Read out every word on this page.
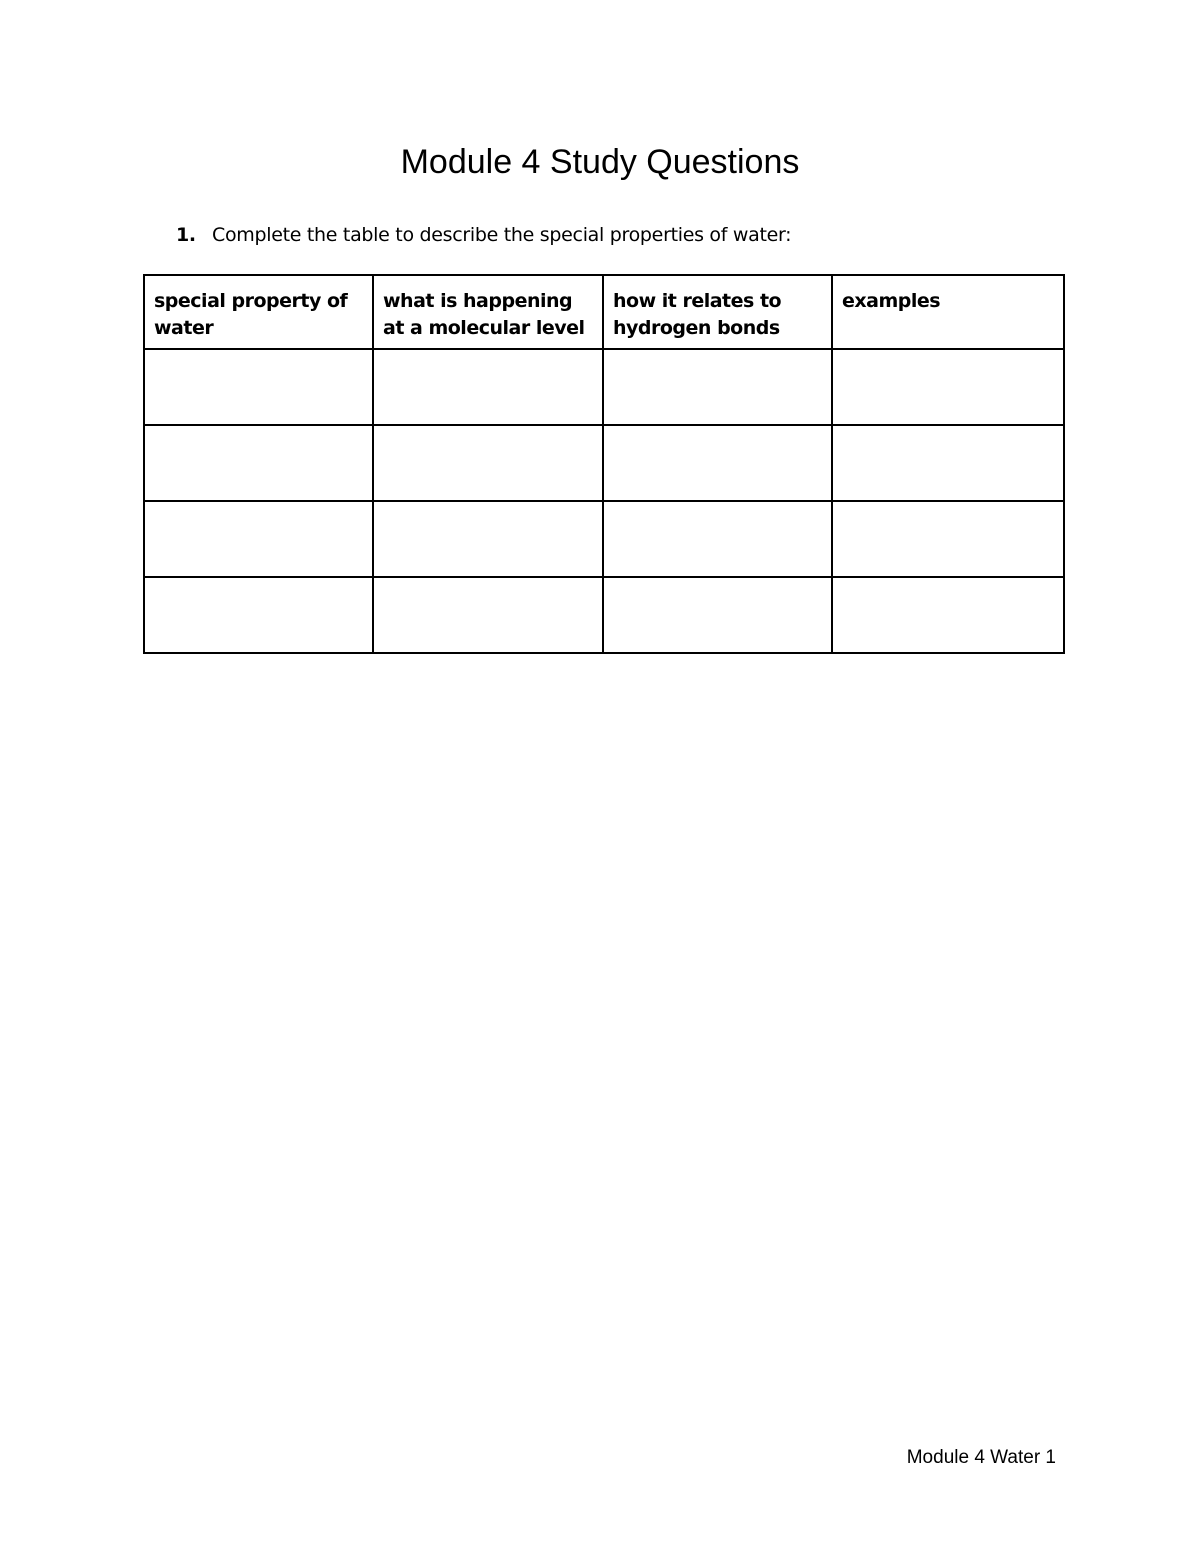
Module 4 Study Questions
1. Complete the table to describe the special properties of water:
special property of water	what is happening at a molecular level	how it relates to hydrogen bonds	examples

Module 4 Water 1
